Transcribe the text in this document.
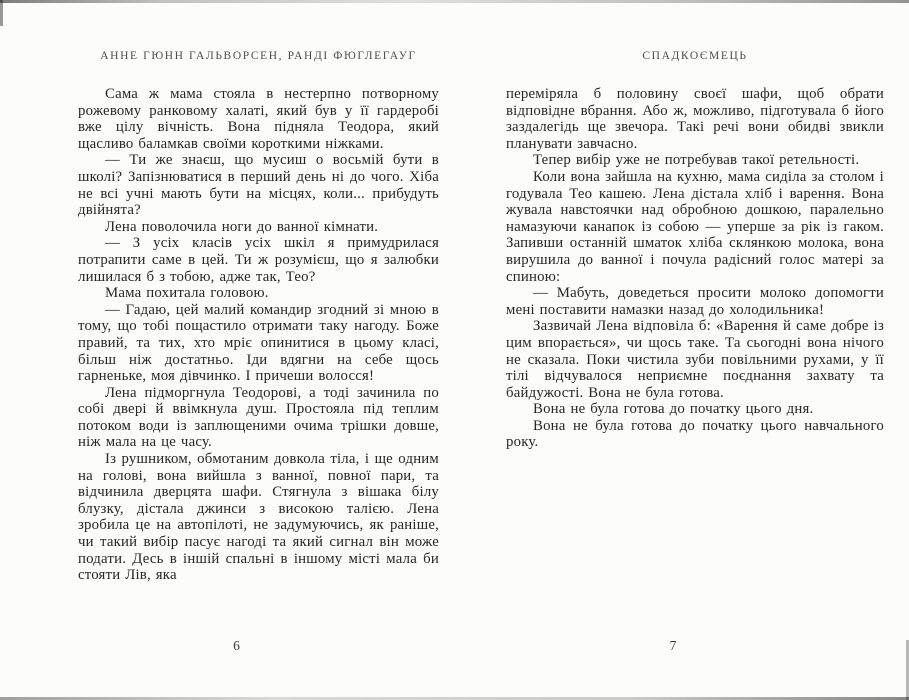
АННЕ ГЮНН ГАЛЬВОРСЕН, РАНДІ ФЮГЛЕГАУГ

Сама ж мама стояла в нестерпно потворному рожевому ранковому халаті, який був у її гардеробі вже цілу вічність. Вона підняла Теодора, який щасливо баламкав своїми короткими ніжками.

— Ти же знаєш, що мусиш о восьмій бути в школі? Запізнюватися в перший день ні до чого. Хіба не всі учні мають бути на місцях, коли... прибудуть двійнята?

Лена поволочила ноги до ванної кімнати.

— З усіх класів усіх шкіл я примудрилася потрапити саме в цей. Ти ж розумієш, що я залюбки лишилася б з тобою, адже так, Тео?

Мама похитала головою.

— Гадаю, цей малий командир згодний зі мною в тому, що тобі пощастило отримати таку нагоду. Боже правий, та тих, хто мріє опинитися в цьому класі, більш ніж достатньо. Іди вдягни на себе щось гарненьке, моя дівчинко. І причеши волосся!

Лена підморгнула Теодорові, а тоді зачинила по собі двері й ввімкнула душ. Простояла під теплим потоком води із заплющеними очима трішки довше, ніж мала на це часу.

Із рушником, обмотаним довкола тіла, і ще одним на голові, вона вийшла з ванної, повної пари, та відчинила дверцята шафи. Стягнула з вішака білу блузку, дістала джинси з високою талією. Лена зробила це на автопілоті, не задумуючись, як раніше, чи такий вибір пасує нагоді та який сигнал він може подати. Десь в іншій спальні в іншому місті мала би стояти Лів, яка

6
СПАДКОЄМЕЦЬ

переміряла б половину своєї шафи, щоб обрати відповідне вбрання. Або ж, можливо, підготувала б його заздалегідь ще звечора. Такі речі вони обидві звикли планувати завчасно.

Тепер вибір уже не потребував такої ретельності.

Коли вона зайшла на кухню, мама сиділа за столом і годувала Тео кашею. Лена дістала хліб і варення. Вона жувала навстоячки над обробною дошкою, паралельно намазуючи канапок із собою — уперше за рік із гаком. Запивши останній шматок хліба склянкою молока, вона вирушила до ванної і почула радісний голос матері за спиною:

— Мабуть, доведеться просити молоко допомогти мені поставити намазки назад до холодильника!

Зазвичай Лена відповіла б: «Варення й саме добре із цим впорається», чи щось таке. Та сьогодні вона нічого не сказала. Поки чистила зуби повільними рухами, у її тілі відчувалося неприємне поєднання захвату та байдужості. Вона не була готова.

Вона не була готова до початку цього дня.

Вона не була готова до початку цього навчального року.

7
